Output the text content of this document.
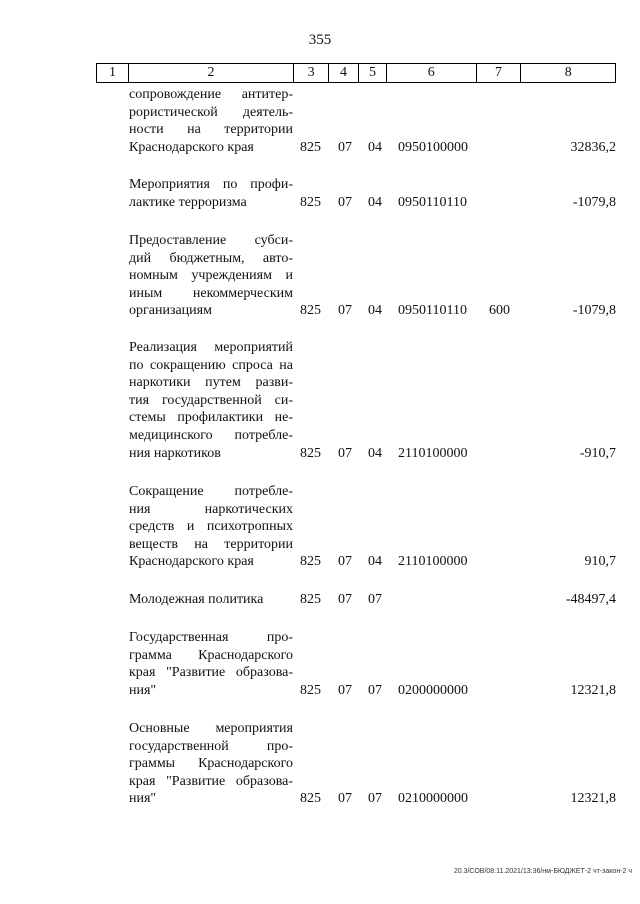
355
1	2	3	4	5	6	7	8
сопровождение антитер-
рористической деятель-
ности на территории
Краснодарского края	825 07 04 0950100000	32836,2
Мероприятия по профи-
лактике терроризма	825 07 04 0950110110	-1079,8
Предоставление субси-
дий бюджетным, авто-
номным учреждениям и
иным некоммерческим
организациям	825 07 04 0950110110 600	-1079,8
Реализация мероприятий
по сокращению спроса на
наркотики путем разви-
тия государственной си-
стемы профилактики не-
медицинского потребле-
ния наркотиков	825 07 04 2110100000	-910,7
Сокращение потребле-
ния наркотических
средств и психотропных
веществ на территории
Краснодарского края	825 07 04 2110100000	910,7
Молодежная политика	825 07 07	-48497,4
Государственная про-
грамма Краснодарского
края "Развитие образова-
ния"	825 07 07 0200000000	12321,8
Основные мероприятия
государственной про-
граммы Краснодарского
края "Развитие образова-
ния"	825 07 07 0210000000	12321,8
20.3/СОВ/08.11.2021/13:36/нм-БЮДЖЕТ-2 чт-закон-2 ч
